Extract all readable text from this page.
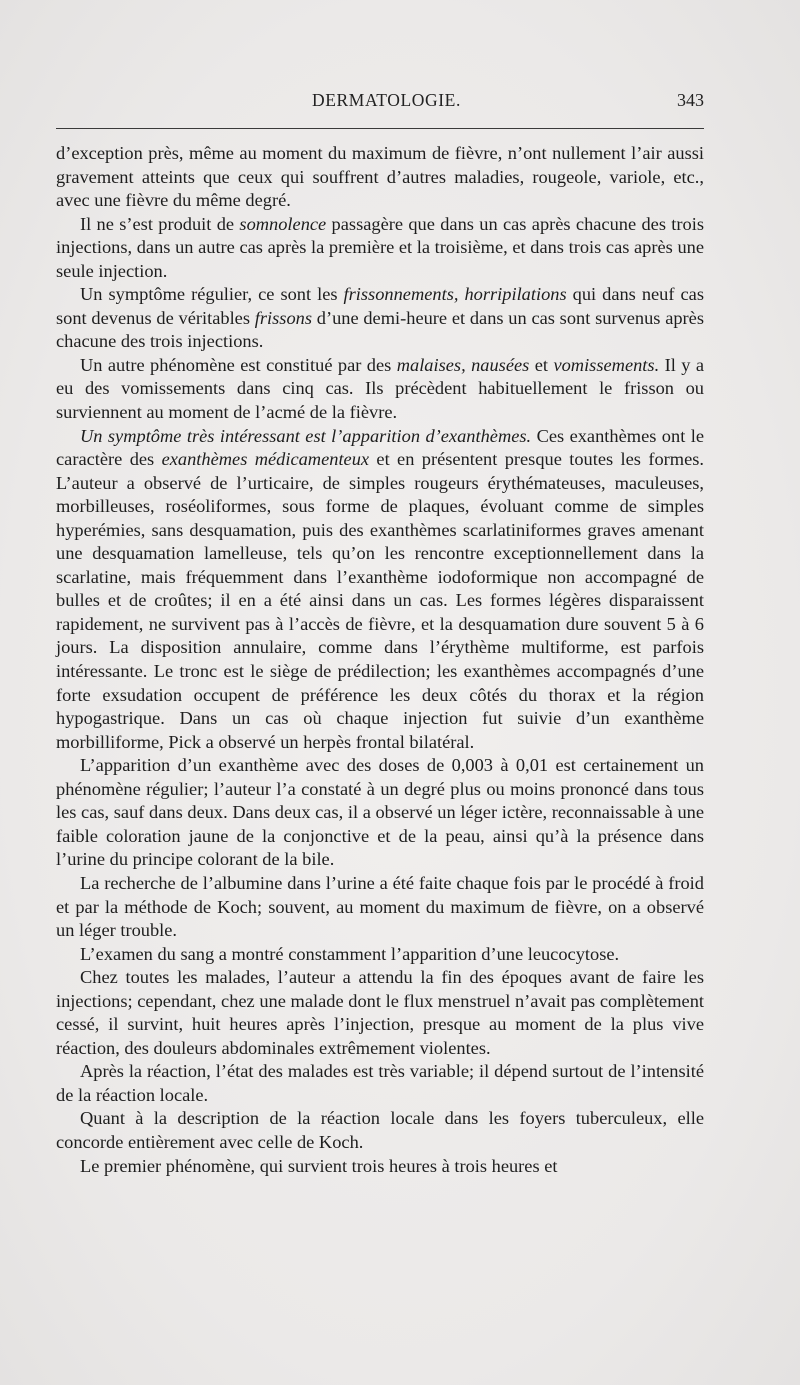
DERMATOLOGIE.	343

d’exception près, même au moment du maximum de fièvre, n’ont nullement l’air aussi gravement atteints que ceux qui souffrent d’autres maladies, rougeole, variole, etc., avec une fièvre du même degré.

Il ne s’est produit de somnolence passagère que dans un cas après chacune des trois injections, dans un autre cas après la première et la troisième, et dans trois cas après une seule injection.

Un symptôme régulier, ce sont les frissonnements, horripilations qui dans neuf cas sont devenus de véritables frissons d’une demi-heure et dans un cas sont survenus après chacune des trois injections.

Un autre phénomène est constitué par des malaises, nausées et vomissements. Il y a eu des vomissements dans cinq cas. Ils précèdent habituellement le frisson ou surviennent au moment de l’acmé de la fièvre.

Un symptôme très intéressant est l’apparition d’exanthèmes. Ces exanthèmes ont le caractère des exanthèmes médicamenteux et en présentent presque toutes les formes. L’auteur a observé de l’urticaire, de simples rougeurs érythémateuses, maculeuses, morbilleuses, roséoliformes, sous forme de plaques, évoluant comme de simples hyperémies, sans desquamation, puis des exanthèmes scarlatiniformes graves amenant une desquamation lamelleuse, tels qu’on les rencontre exceptionnellement dans la scarlatine, mais fréquemment dans l’exanthème iodoformique non accompagné de bulles et de croûtes; il en a été ainsi dans un cas. Les formes légères disparaissent rapidement, ne survivent pas à l’accès de fièvre, et la desquamation dure souvent 5 à 6 jours. La disposition annulaire, comme dans l’érythème multiforme, est parfois intéressante. Le tronc est le siège de prédilection; les exanthèmes accompagnés d’une forte exsudation occupent de préférence les deux côtés du thorax et la région hypogastrique. Dans un cas où chaque injection fut suivie d’un exanthème morbilliforme, Pick a observé un herpès frontal bilatéral.

L’apparition d’un exanthème avec des doses de 0,003 à 0,01 est certainement un phénomène régulier; l’auteur l’a constaté à un degré plus ou moins prononcé dans tous les cas, sauf dans deux. Dans deux cas, il a observé un léger ictère, reconnaissable à une faible coloration jaune de la conjonctive et de la peau, ainsi qu’à la présence dans l’urine du principe colorant de la bile.

La recherche de l’albumine dans l’urine a été faite chaque fois par le procédé à froid et par la méthode de Koch; souvent, au moment du maximum de fièvre, on a observé un léger trouble.

L’examen du sang a montré constamment l’apparition d’une leucocytose.

Chez toutes les malades, l’auteur a attendu la fin des époques avant de faire les injections; cependant, chez une malade dont le flux menstruel n’avait pas complètement cessé, il survint, huit heures après l’injection, presque au moment de la plus vive réaction, des douleurs abdominales extrêmement violentes.

Après la réaction, l’état des malades est très variable; il dépend surtout de l’intensité de la réaction locale.

Quant à la description de la réaction locale dans les foyers tuberculeux, elle concorde entièrement avec celle de Koch.

Le premier phénomène, qui survient trois heures à trois heures et
